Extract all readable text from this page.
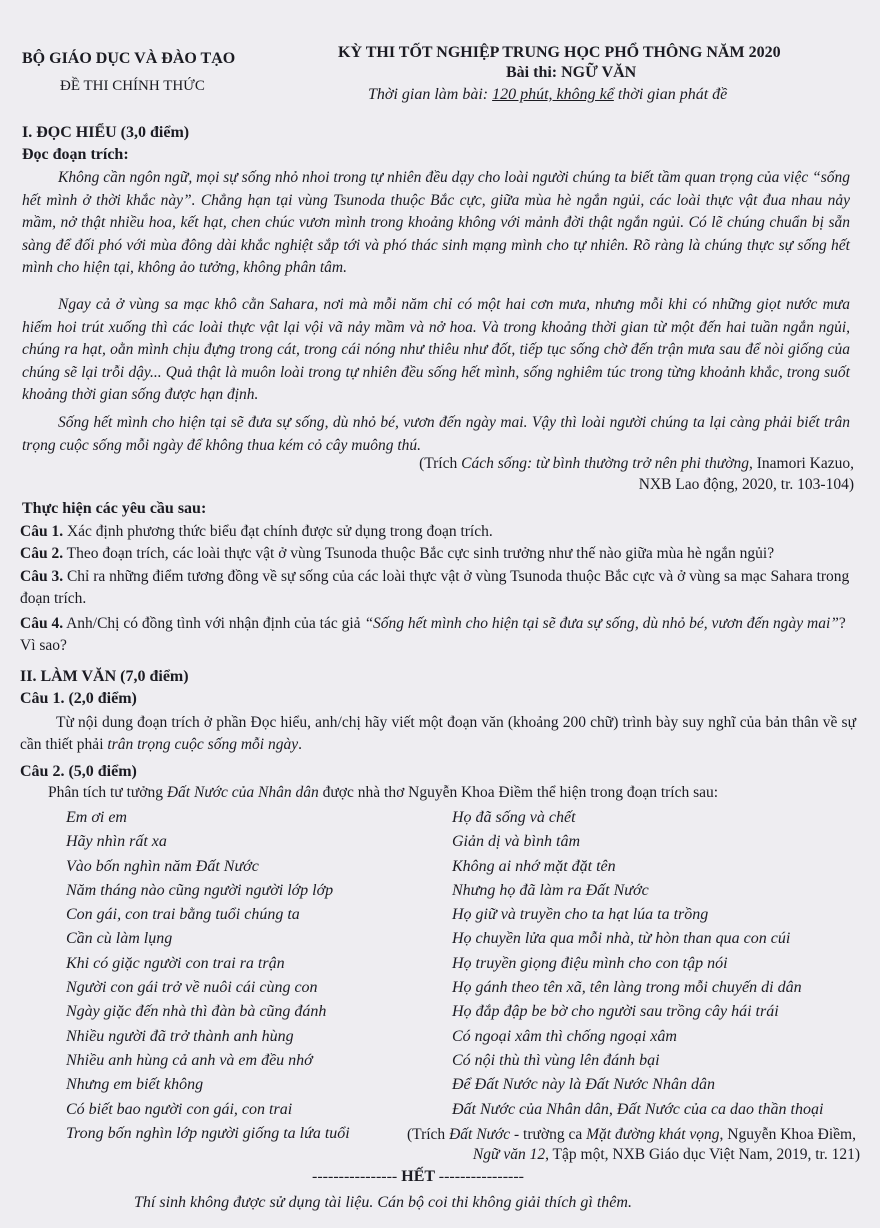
BỘ GIÁO DỤC VÀ ĐÀO TẠO
ĐỀ THI CHÍNH THỨC
KỲ THI TỐT NGHIỆP TRUNG HỌC PHỔ THÔNG NĂM 2020
Bài thi: NGỮ VĂN
Thời gian làm bài: 120 phút, không kể thời gian phát đề
I. ĐỌC HIỂU (3,0 điểm)
Đọc đoạn trích:
Không cần ngôn ngữ, mọi sự sống nhỏ nhoi trong tự nhiên đều dạy cho loài người chúng ta biết tầm quan trọng của việc “sống hết mình ở thời khắc này”. Chẳng hạn tại vùng Tsunoda thuộc Bắc cực, giữa mùa hè ngắn ngủi, các loài thực vật đua nhau nảy mầm, nở thật nhiều hoa, kết hạt, chen chúc vươn mình trong khoảng không với mảnh đời thật ngắn ngủi. Có lẽ chúng chuẩn bị sẵn sàng để đối phó với mùa đông dài khắc nghiệt sắp tới và phó thác sinh mạng mình cho tự nhiên. Rõ ràng là chúng thực sự sống hết mình cho hiện tại, không ảo tưởng, không phân tâm.
Ngay cả ở vùng sa mạc khô cằn Sahara, nơi mà mỗi năm chỉ có một hai cơn mưa, nhưng mỗi khi có những giọt nước mưa hiếm hoi trút xuống thì các loài thực vật lại vội vã nảy mầm và nở hoa. Và trong khoảng thời gian từ một đến hai tuần ngắn ngủi, chúng ra hạt, oằn mình chịu đựng trong cát, trong cái nóng như thiêu như đốt, tiếp tục sống chờ đến trận mưa sau để nòi giống của chúng sẽ lại trỗi dậy... Quả thật là muôn loài trong tự nhiên đều sống hết mình, sống nghiêm túc trong từng khoảnh khắc, trong suốt khoảng thời gian sống được hạn định.
Sống hết mình cho hiện tại sẽ đưa sự sống, dù nhỏ bé, vươn đến ngày mai. Vậy thì loài người chúng ta lại càng phải biết trân trọng cuộc sống mỗi ngày để không thua kém cỏ cây muông thú.
(Trích Cách sống: từ bình thường trở nên phi thường, Inamori Kazuo,
NXB Lao động, 2020, tr. 103-104)
Thực hiện các yêu cầu sau:
Câu 1. Xác định phương thức biểu đạt chính được sử dụng trong đoạn trích.
Câu 2. Theo đoạn trích, các loài thực vật ở vùng Tsunoda thuộc Bắc cực sinh trưởng như thế nào giữa mùa hè ngắn ngủi?
Câu 3. Chỉ ra những điểm tương đồng về sự sống của các loài thực vật ở vùng Tsunoda thuộc Bắc cực và ở vùng sa mạc Sahara trong đoạn trích.
Câu 4. Anh/Chị có đồng tình với nhận định của tác giả “Sống hết mình cho hiện tại sẽ đưa sự sống, dù nhỏ bé, vươn đến ngày mai”? Vì sao?
II. LÀM VĂN (7,0 điểm)
Câu 1. (2,0 điểm)
Từ nội dung đoạn trích ở phần Đọc hiểu, anh/chị hãy viết một đoạn văn (khoảng 200 chữ) trình bày suy nghĩ của bản thân về sự cần thiết phải trân trọng cuộc sống mỗi ngày.
Câu 2. (5,0 điểm)
Phân tích tư tưởng Đất Nước của Nhân dân được nhà thơ Nguyễn Khoa Điềm thể hiện trong đoạn trích sau:
Em ơi em
Hãy nhìn rất xa
Vào bốn nghìn năm Đất Nước
Năm tháng nào cũng người người lớp lớp
Con gái, con trai bằng tuổi chúng ta
Cần cù làm lụng
Khi có giặc người con trai ra trận
Người con gái trở về nuôi cái cùng con
Ngày giặc đến nhà thì đàn bà cũng đánh
Nhiều người đã trở thành anh hùng
Nhiều anh hùng cả anh và em đều nhớ
Nhưng em biết không
Có biết bao người con gái, con trai
Trong bốn nghìn lớp người giống ta lứa tuổi
Họ đã sống và chết
Giản dị và bình tâm
Không ai nhớ mặt đặt tên
Nhưng họ đã làm ra Đất Nước
Họ giữ và truyền cho ta hạt lúa ta trồng
Họ chuyền lửa qua mỗi nhà, từ hòn than qua con cúi
Họ truyền giọng điệu mình cho con tập nói
Họ gánh theo tên xã, tên làng trong mỗi chuyến di dân
Họ đắp đập be bờ cho người sau trồng cây hái trái
Có ngoại xâm thì chống ngoại xâm
Có nội thù thì vùng lên đánh bại
Để Đất Nước này là Đất Nước Nhân dân
Đất Nước của Nhân dân, Đất Nước của ca dao thần thoại
(Trích Đất Nước - trường ca Mặt đường khát vọng, Nguyễn Khoa Điềm,
Ngữ văn 12, Tập một, NXB Giáo dục Việt Nam, 2019, tr. 121)
---------------- HẾT ----------------
Thí sinh không được sử dụng tài liệu. Cán bộ coi thi không giải thích gì thêm.
